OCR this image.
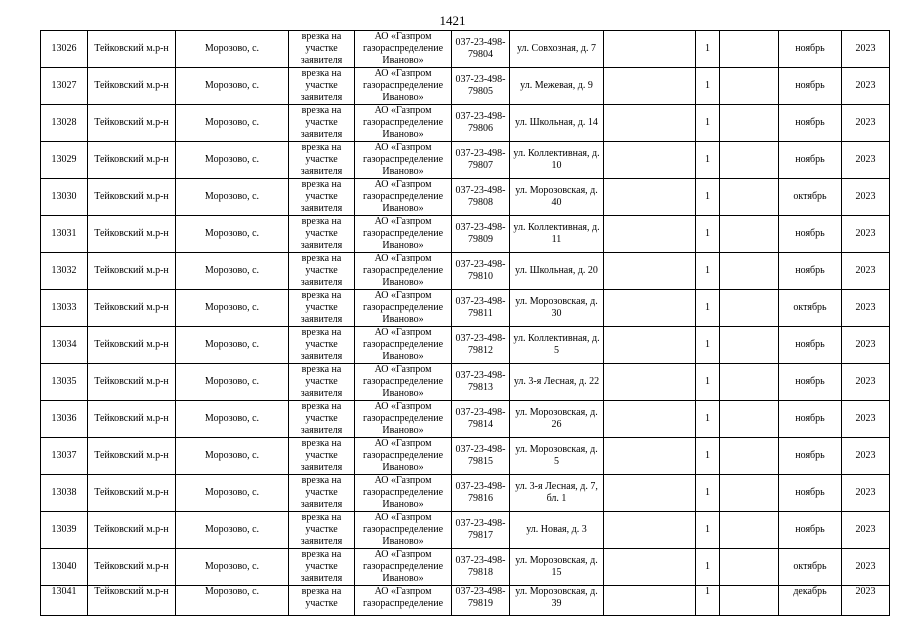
1421
13026	Тейковский м.р-н	Морозово, с.	врезка на участке заявителя	АО «Газпром газораспределение Иваново»	037-23-498-79804	ул. Совхозная, д. 7		1		ноябрь	2023
13027	Тейковский м.р-н	Морозово, с.	врезка на участке заявителя	АО «Газпром газораспределение Иваново»	037-23-498-79805	ул. Межевая, д. 9		1		ноябрь	2023
13028	Тейковский м.р-н	Морозово, с.	врезка на участке заявителя	АО «Газпром газораспределение Иваново»	037-23-498-79806	ул. Школьная, д. 14		1		ноябрь	2023
13029	Тейковский м.р-н	Морозово, с.	врезка на участке заявителя	АО «Газпром газораспределение Иваново»	037-23-498-79807	ул. Коллективная, д. 10		1		ноябрь	2023
13030	Тейковский м.р-н	Морозово, с.	врезка на участке заявителя	АО «Газпром газораспределение Иваново»	037-23-498-79808	ул. Морозовская, д. 40		1		октябрь	2023
13031	Тейковский м.р-н	Морозово, с.	врезка на участке заявителя	АО «Газпром газораспределение Иваново»	037-23-498-79809	ул. Коллективная, д. 11		1		ноябрь	2023
13032	Тейковский м.р-н	Морозово, с.	врезка на участке заявителя	АО «Газпром газораспределение Иваново»	037-23-498-79810	ул. Школьная, д. 20		1		ноябрь	2023
13033	Тейковский м.р-н	Морозово, с.	врезка на участке заявителя	АО «Газпром газораспределение Иваново»	037-23-498-79811	ул. Морозовская, д. 30		1		октябрь	2023
13034	Тейковский м.р-н	Морозово, с.	врезка на участке заявителя	АО «Газпром газораспределение Иваново»	037-23-498-79812	ул. Коллективная, д. 5		1		ноябрь	2023
13035	Тейковский м.р-н	Морозово, с.	врезка на участке заявителя	АО «Газпром газораспределение Иваново»	037-23-498-79813	ул. 3-я Лесная, д. 22		1		ноябрь	2023
13036	Тейковский м.р-н	Морозово, с.	врезка на участке заявителя	АО «Газпром газораспределение Иваново»	037-23-498-79814	ул. Морозовская, д. 26		1		ноябрь	2023
13037	Тейковский м.р-н	Морозово, с.	врезка на участке заявителя	АО «Газпром газораспределение Иваново»	037-23-498-79815	ул. Морозовская, д. 5		1		ноябрь	2023
13038	Тейковский м.р-н	Морозово, с.	врезка на участке заявителя	АО «Газпром газораспределение Иваново»	037-23-498-79816	ул. 3-я Лесная, д. 7, бл. 1		1		ноябрь	2023
13039	Тейковский м.р-н	Морозово, с.	врезка на участке заявителя	АО «Газпром газораспределение Иваново»	037-23-498-79817	ул. Новая, д. 3		1		ноябрь	2023
13040	Тейковский м.р-н	Морозово, с.	врезка на участке заявителя	АО «Газпром газораспределение Иваново»	037-23-498-79818	ул. Морозовская, д. 15		1		октябрь	2023
13041	Тейковский м.р-н	Морозово, с.	врезка на участке	АО «Газпром газораспределение	037-23-498-79819	ул. Морозовская, д. 39		1		декабрь	2023
